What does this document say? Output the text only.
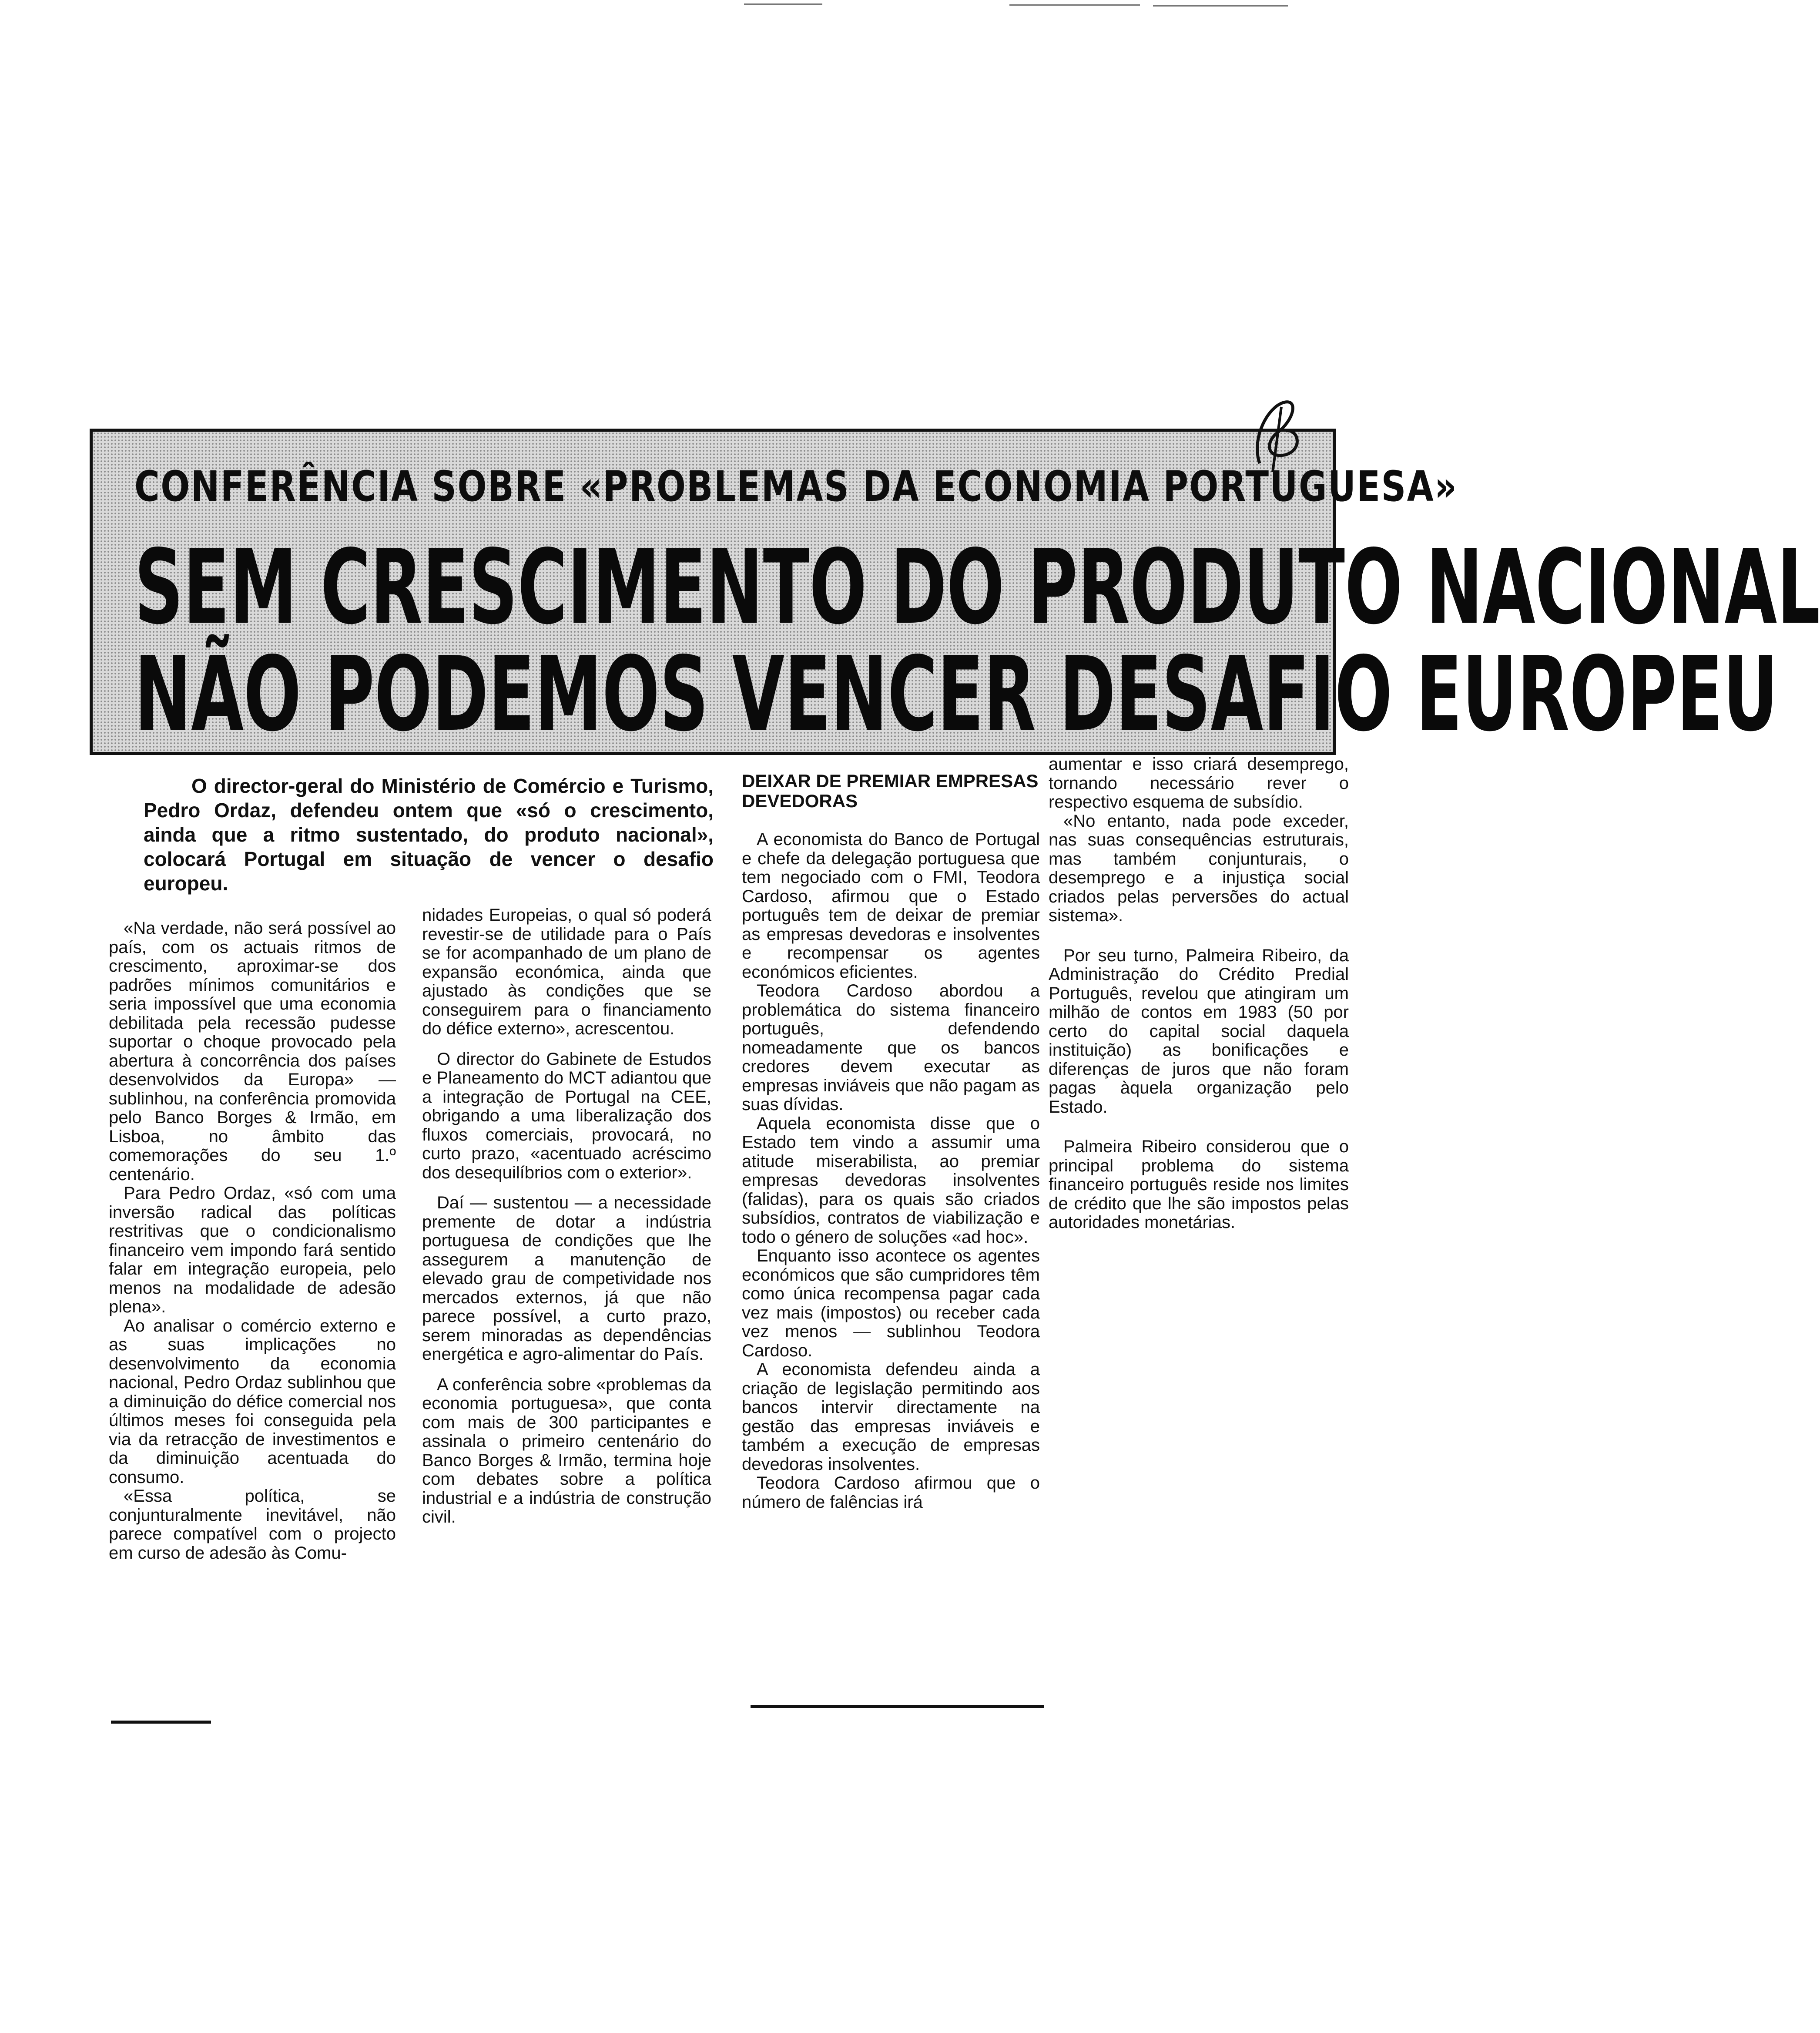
CONFERÊNCIA SOBRE «PROBLEMAS DA ECONOMIA PORTUGUESA»
SEM CRESCIMENTO DO PRODUTO NACIONAL
NÃO PODEMOS VENCER DESAFIO EUROPEU
O director-geral do Ministério de Comércio e Turismo, Pedro Ordaz, defendeu ontem que «só o crescimento, ainda que a ritmo sustentado, do produto nacional», colocará Portugal em situação de vencer o desafio europeu.

«Na verdade, não será possível ao país, com os actuais ritmos de crescimento, aproximar-se dos padrões mínimos comunitários e seria impossível que uma economia debilitada pela recessão pudesse suportar o choque provocado pela abertura à concorrência dos países desenvolvidos da Europa» — sublinhou, na conferência promovida pelo Banco Borges & Irmão, em Lisboa, no âmbito das comemorações do seu 1.º centenário.

Para Pedro Ordaz, «só com uma inversão radical das políticas restritivas que o condicionalismo financeiro vem impondo fará sentido falar em integração europeia, pelo menos na modalidade de adesão plena».

Ao analisar o comércio externo e as suas implicações no desenvolvimento da economia nacional, Pedro Ordaz sublinhou que a diminuição do défice comercial nos últimos meses foi conseguida pela via da retracção de investimentos e da diminuição acentuada do consumo.

«Essa política, se conjunturalmente inevitável, não parece compatível com o projecto em curso de adesão às Comu-

nidades Europeias, o qual só poderá revestir-se de utilidade para o País se for acompanhado de um plano de expansão económica, ainda que ajustado às condições que se conseguirem para o financiamento do défice externo», acrescentou.

O director do Gabinete de Estudos e Planeamento do MCT adiantou que a integração de Portugal na CEE, obrigando a uma liberalização dos fluxos comerciais, provocará, no curto prazo, «acentuado acréscimo dos desequilíbrios com o exterior».

Daí — sustentou — a necessidade premente de dotar a indústria portuguesa de condições que lhe assegurem a manutenção de elevado grau de competividade nos mercados externos, já que não parece possível, a curto prazo, serem minoradas as dependências energética e agro-alimentar do País.

A conferência sobre «problemas da economia portuguesa», que conta com mais de 300 participantes e assinala o primeiro centenário do Banco Borges & Irmão, termina hoje com debates sobre a política industrial e a indústria de construção civil.

DEIXAR DE PREMIAR EMPRESAS DEVEDORAS

A economista do Banco de Portugal e chefe da delegação portuguesa que tem negociado com o FMI, Teodora Cardoso, afirmou que o Estado português tem de deixar de premiar as empresas devedoras e insolventes e recompensar os agentes económicos eficientes.

Teodora Cardoso abordou a problemática do sistema financeiro português, defendendo nomeadamente que os bancos credores devem executar as empresas inviáveis que não pagam as suas dívidas.

Aquela economista disse que o Estado tem vindo a assumir uma atitude miserabilista, ao premiar empresas devedoras insolventes (falidas), para os quais são criados subsídios, contratos de viabilização e todo o género de soluções «ad hoc».

Enquanto isso acontece os agentes económicos que são cumpridores têm como única recompensa pagar cada vez mais (impostos) ou receber cada vez menos — sublinhou Teodora Cardoso.

A economista defendeu ainda a criação de legislação permitindo aos bancos intervir directamente na gestão das empresas inviáveis e também a execução de empresas devedoras insolventes.

Teodora Cardoso afirmou que o número de falências irá

aumentar e isso criará desemprego, tornando necessário rever o respectivo esquema de subsídio.

«No entanto, nada pode exceder, nas suas consequências estruturais, mas também conjunturais, o desemprego e a injustiça social criados pelas perversões do actual sistema».

Por seu turno, Palmeira Ribeiro, da Administração do Crédito Predial Português, revelou que atingiram um milhão de contos em 1983 (50 por certo do capital social daquela instituição) as bonificações e diferenças de juros que não foram pagas àquela organização pelo Estado.

Palmeira Ribeiro considerou que o principal problema do sistema financeiro português reside nos limites de crédito que lhe são impostos pelas autoridades monetárias.
